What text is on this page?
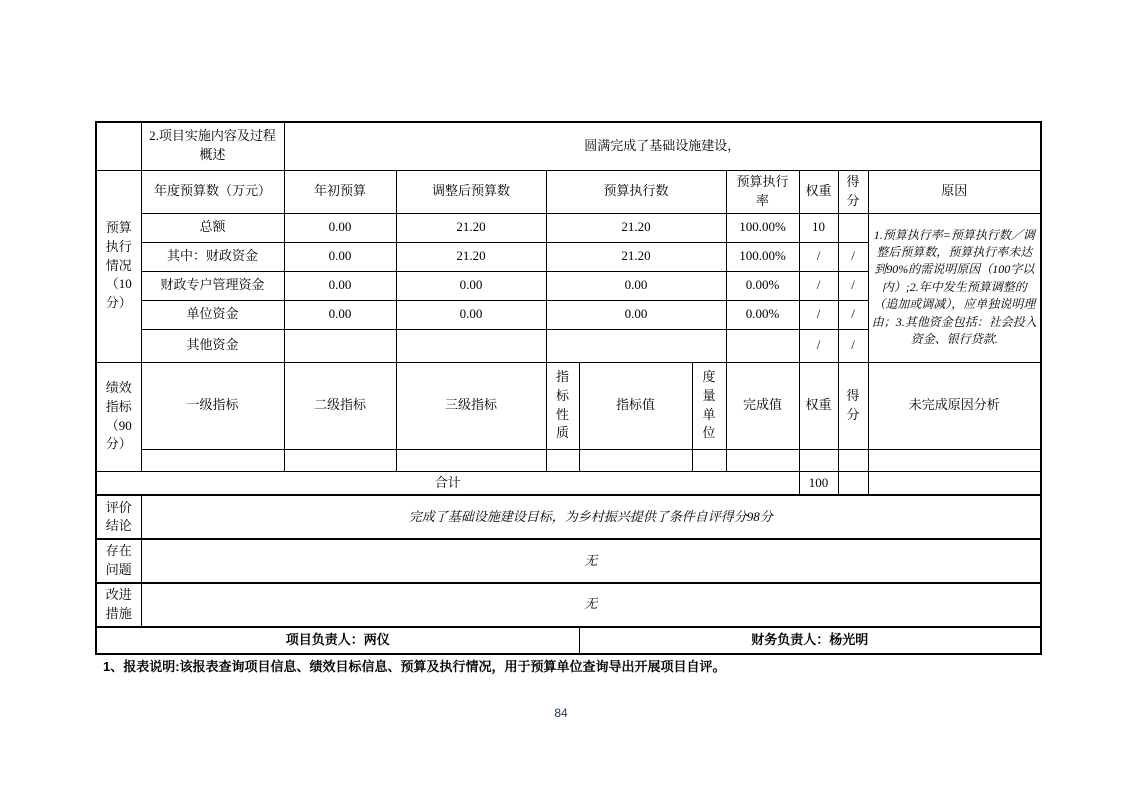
	2.项目实施内容及过程概述	圆满完成了基础设施建设，								
预算执行情况（10分）	年度预算数（万元）	年初预算	调整后预算数	预算执行数			预算执行率	权重	得分	原因
	总额	0.00	21.20	21.20			100.00%	10		1.预算执行率=预算执行数／调整后预算数，预算执行率未达到90%的需说明原因（100字以内）;2.年中发生预算调整的（追加或调减），应单独说明理由；3.其他资金包括：社会投入资金、银行贷款.
	其中：财政资金	0.00	21.20	21.20			100.00%	/	/	
	财政专户管理资金	0.00	0.00	0.00			0.00%	/	/	
	单位资金	0.00	0.00	0.00			0.00%	/	/	
	其他资金							/	/	
绩效指标（90分）	一级指标	二级指标	三级指标	指标性质	指标值	度量单位	完成值	权重	得分	未完成原因分析

合计								100		
评价结论	完成了基础设施建设目标，为乡村振兴提供了条件自评得分98分									
存在问题	无									
改进措施	无									
项目负责人：两仪					财务负责人：杨光明					
1、报表说明:该报表查询项目信息、绩效目标信息、预算及执行情况，用于预算单位查询导出开展项目自评。
84
